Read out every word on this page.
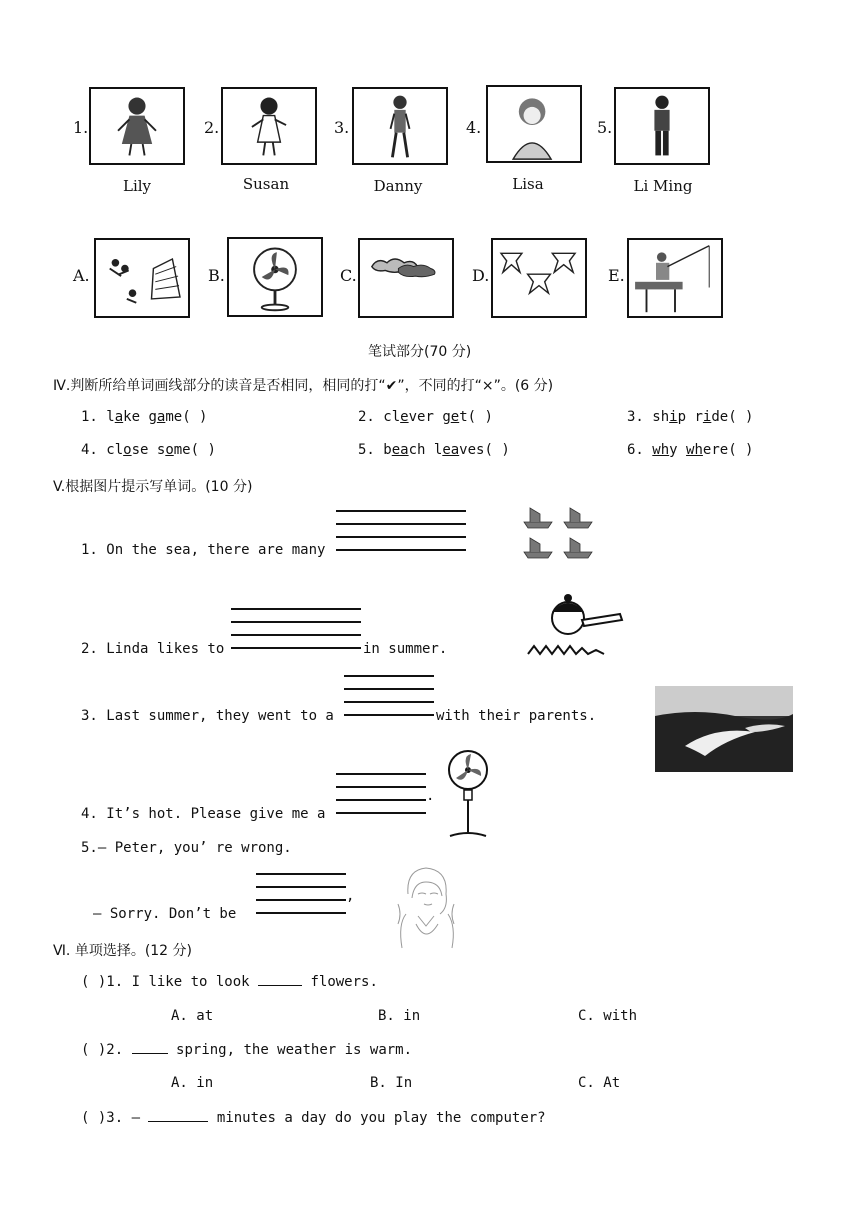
1.
Lily
2.
Susan
3.
Danny
4.
Lisa
5.
Li Ming
A.	B.	C.	D.	E.
笔试部分(70 分)
Ⅳ.判断所给单词画线部分的读音是否相同，相同的打“✔”，不同的打“×”。(6 分)
1. lake game( )	2. clever get( )	3. ship ride( )
4. close some( )	5. beach leaves( )	6. why where( )
V.根据图片提示写单词。(10 分)
1. On the sea, there are many
2. Linda likes to	in summer.
3. Last summer, they went to a	with their parents.
4. It’s hot. Please give me a
.
5.— Peter, you’ re wrong.
— Sorry. Don’t be
,
Ⅵ. 单项选择。(12 分)
( )1. I like to look	flowers.
A. at	B. in	C. with
( )2.	spring, the weather is warm.
A. in	B. In	C. At
( )3. —	minutes a day do you play the computer?
